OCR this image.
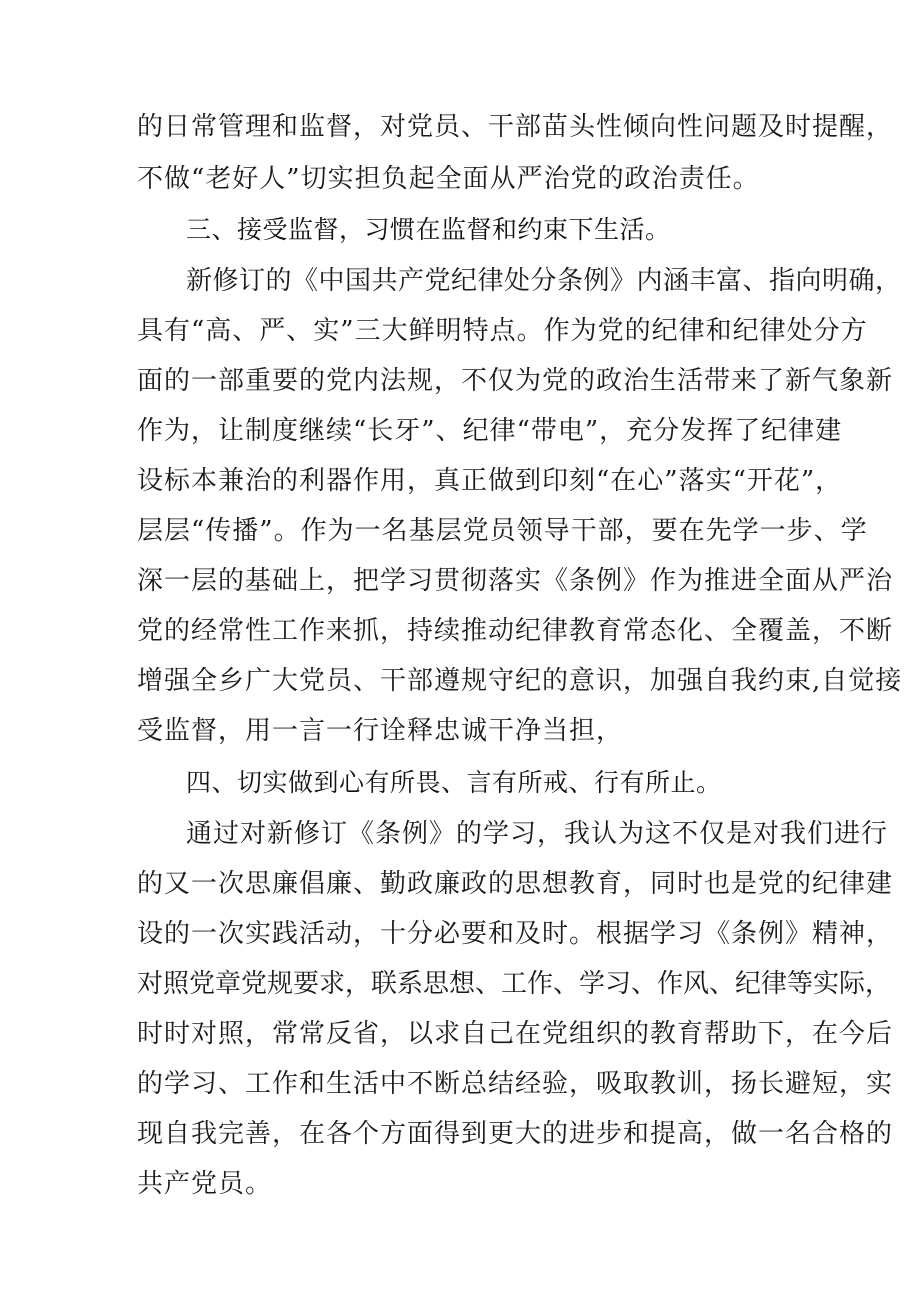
的日常管理和监督，对党员、干部苗头性倾向性问题及时提醒，
不做“老好人”切实担负起全面从严治党的政治责任。
三、接受监督，习惯在监督和约束下生活。
新修订的《中国共产党纪律处分条例》内涵丰富、指向明确，
具有“高、严、实”三大鲜明特点。作为党的纪律和纪律处分方
面的一部重要的党内法规，不仅为党的政治生活带来了新气象新
作为，让制度继续“长牙”、纪律“带电”，充分发挥了纪律建
设标本兼治的利器作用，真正做到印刻“在心”落实“开花”，
层层“传播”。作为一名基层党员领导干部，要在先学一步、学
深一层的基础上，把学习贯彻落实《条例》作为推进全面从严治
党的经常性工作来抓，持续推动纪律教育常态化、全覆盖，不断
增强全乡广大党员、干部遵规守纪的意识，加强自我约束,自觉接
受监督，用一言一行诠释忠诚干净当担，
四、切实做到心有所畏、言有所戒、行有所止。
通过对新修订《条例》的学习，我认为这不仅是对我们进行
的又一次思廉倡廉、勤政廉政的思想教育，同时也是党的纪律建
设的一次实践活动，十分必要和及时。根据学习《条例》精神，
对照党章党规要求，联系思想、工作、学习、作风、纪律等实际，
时时对照，常常反省，以求自己在党组织的教育帮助下，在今后
的学习、工作和生活中不断总结经验，吸取教训，扬长避短，实
现自我完善，在各个方面得到更大的进步和提高，做一名合格的
共产党员。
